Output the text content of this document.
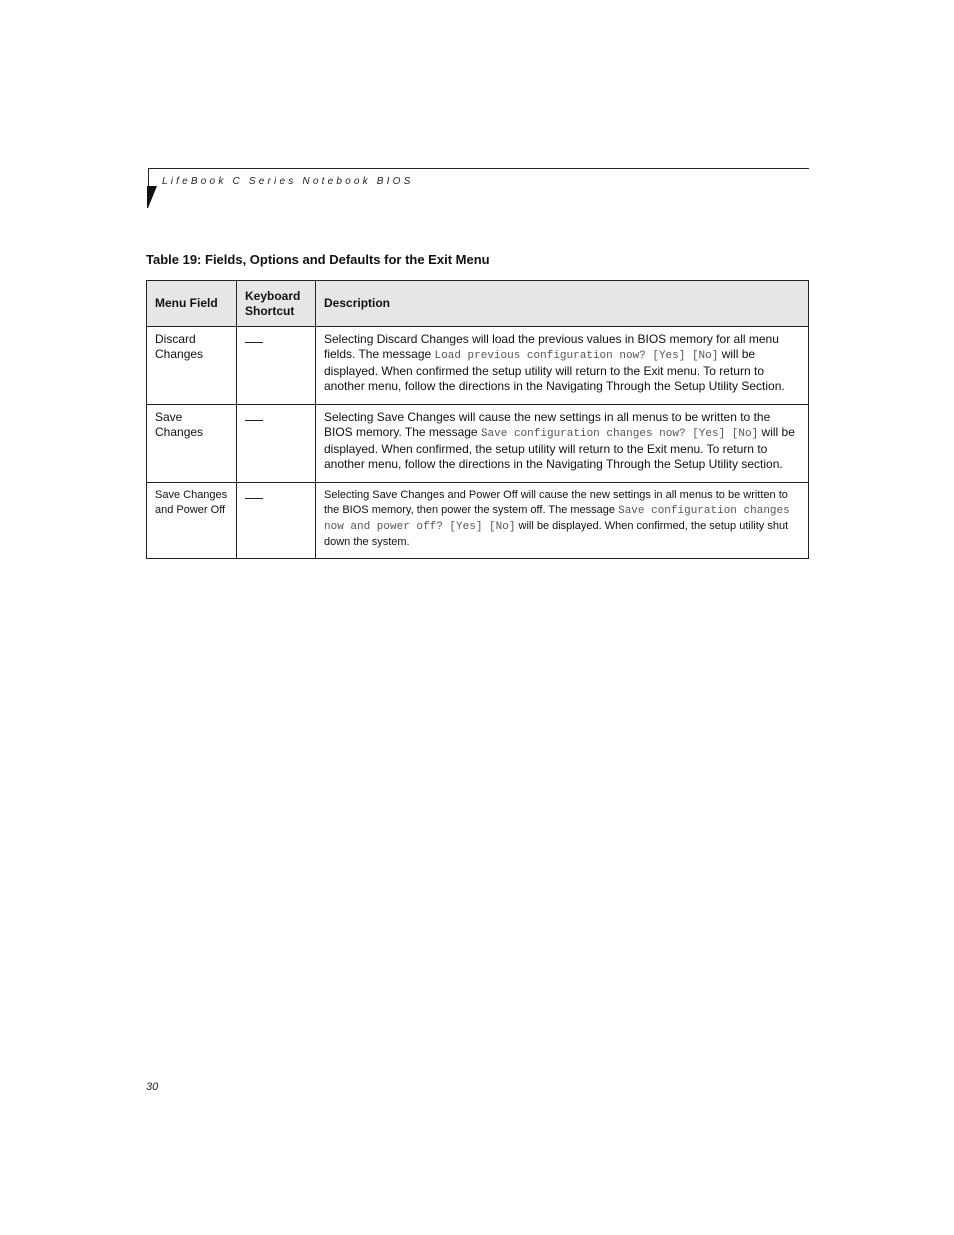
LifeBook C Series Notebook BIOS
Table 19: Fields, Options and Defaults for the Exit Menu
Menu Field	Keyboard Shortcut	Description
Discard Changes		Selecting Discard Changes will load the previous values in BIOS memory for all menu fields. The message Load previous configuration now? [Yes] [No] will be displayed. When confirmed the setup utility will return to the Exit menu. To return to another menu, follow the directions in the Navigating Through the Setup Utility Section.
Save Changes		Selecting Save Changes will cause the new settings in all menus to be written to the BIOS memory. The message Save configuration changes now? [Yes] [No] will be displayed. When confirmed, the setup utility will return to the Exit menu. To return to another menu, follow the directions in the Navigating Through the Setup Utility section.
Save Changes and Power Off		Selecting Save Changes and Power Off will cause the new settings in all menus to be written to the BIOS memory, then power the system off. The message Save configuration changes now and power off? [Yes] [No] will be displayed. When confirmed, the setup utility shut down the system.
30
